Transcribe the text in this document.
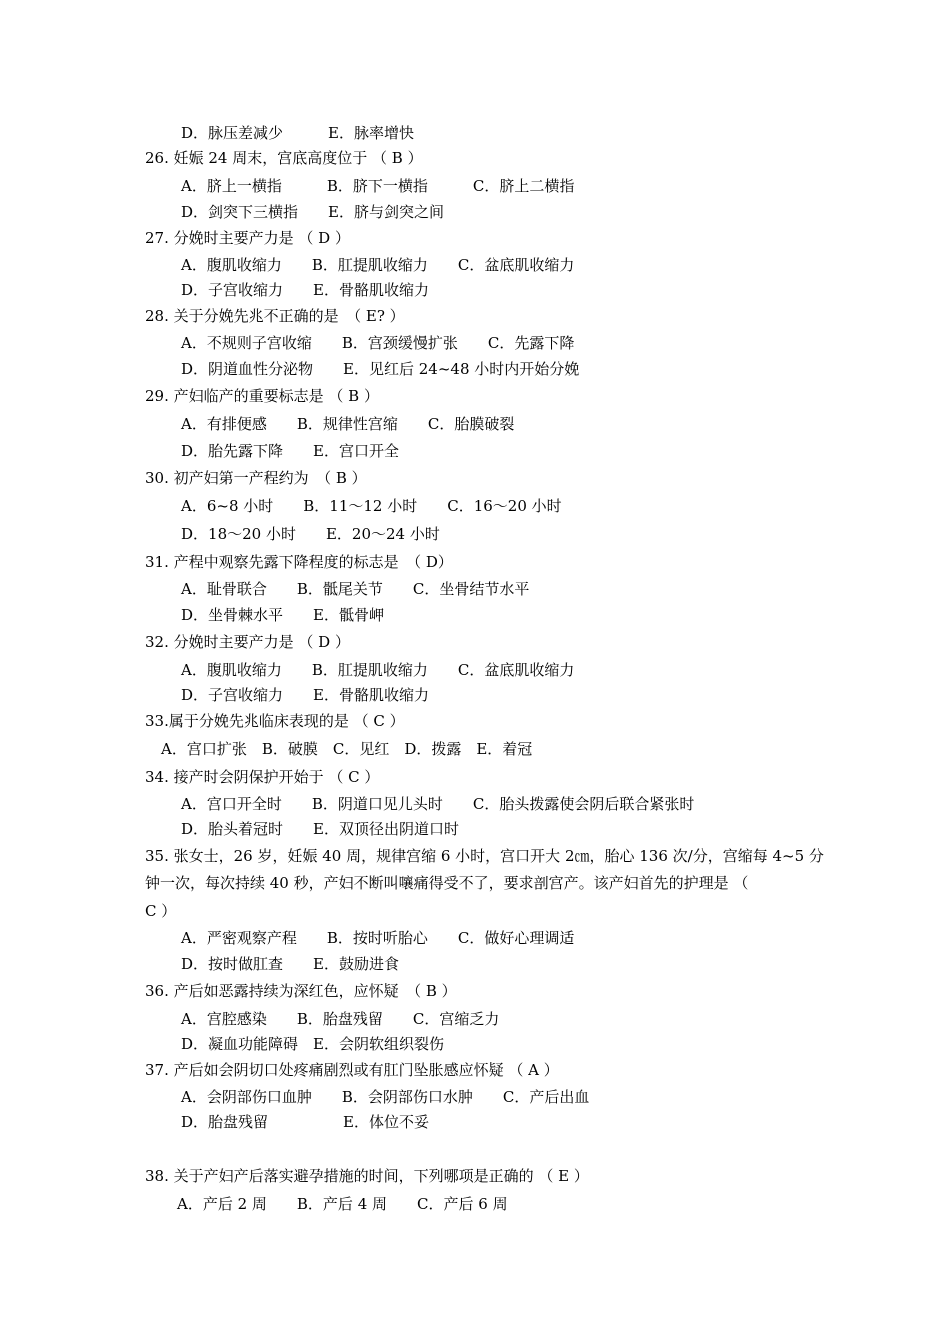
D．脉压差减少　　　E．脉率增快
26. 妊娠 24 周末，宫底高度位于 （ B ）
A．脐上一横指　　　B．脐下一横指　　　C．脐上二横指
D．剑突下三横指　　E．脐与剑突之间
27. 分娩时主要产力是 （ D ）
A．腹肌收缩力　　B．肛提肌收缩力　　C．盆底肌收缩力
D．子宫收缩力　　E．骨骼肌收缩力
28. 关于分娩先兆不正确的是　（ E? ）
A．不规则子宫收缩　　B．宫颈缓慢扩张　　C．先露下降
D．阴道血性分泌物　　E．见红后 24~48 小时内开始分娩
29. 产妇临产的重要标志是 （ B ）
A．有排便感　　B．规律性宫缩　　C．胎膜破裂
D．胎先露下降　　E．宫口开全
30. 初产妇第一产程约为　（ B ）
A．6~8 小时　　B．11～12 小时　　C．16～20 小时
D．18～20 小时　　E．20～24 小时
31. 产程中观察先露下降程度的标志是　（ D）
A．耻骨联合　　B．骶尾关节　　C．坐骨结节水平
D．坐骨棘水平　　E．骶骨岬
32. 分娩时主要产力是 （ D ）
A．腹肌收缩力　　B．肛提肌收缩力　　C．盆底肌收缩力
D．子宫收缩力　　E．骨骼肌收缩力
33.属于分娩先兆临床表现的是 （ C ）
A．宫口扩张　B．破膜　C．见红　D．拨露　E．着冠
34. 接产时会阴保护开始于 （ C ）
A．宫口开全时　　B．阴道口见儿头时　　C．胎头拨露使会阴后联合紧张时
D．胎头着冠时　　E．双顶径出阴道口时
35. 张女士，26 岁，妊娠 40 周，规律宫缩 6 小时，宫口开大 2㎝，胎心 136 次/分，宫缩每 4~5 分
钟一次，每次持续 40 秒，产妇不断叫嚷痛得受不了，要求剖宫产。该产妇首先的护理是 （
C ）
A．严密观察产程　　B．按时听胎心　　C．做好心理调适
D．按时做肛查　　E．鼓励进食
36. 产后如恶露持续为深红色，应怀疑　（ B ）
A．宫腔感染　　B．胎盘残留　　C．宫缩乏力
D．凝血功能障碍　E．会阴软组织裂伤
37. 产后如会阴切口处疼痛剧烈或有肛门坠胀感应怀疑 （ A ）
A．会阴部伤口血肿　　B．会阴部伤口水肿　　C．产后出血
D．胎盘残留　　　　　E．体位不妥
38. 关于产妇产后落实避孕措施的时间，下列哪项是正确的 （ E ）
A．产后 2 周　　B．产后 4 周　　C．产后 6 周
